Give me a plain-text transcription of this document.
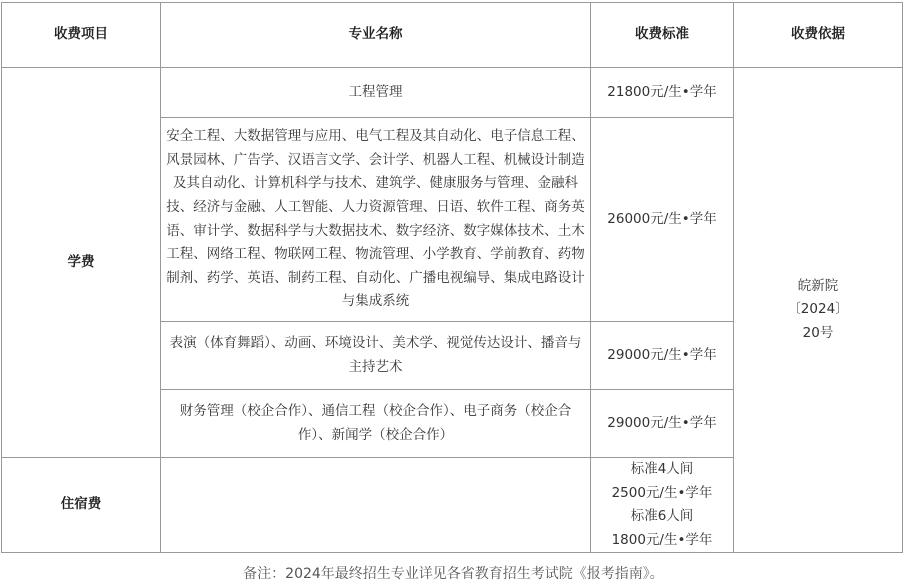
收费项目	专业名称	收费标准	收费依据
学费	工程管理	21800元/生•学年	皖新院
〔2024〕
20号

	安全工程、大数据管理与应用、电气工程及其自动化、电子信息工程、风景园林、广告学、汉语言文学、会计学、机器人工程、机械设计制造及其自动化、计算机科学与技术、建筑学、健康服务与管理、金融科技、经济与金融、人工智能、人力资源管理、日语、软件工程、商务英语、审计学、数据科学与大数据技术、数字经济、数字媒体技术、土木工程、网络工程、物联网工程、物流管理、小学教育、学前教育、药物制剂、药学、英语、制药工程、自动化、广播电视编导、集成电路设计与集成系统	26000元/生•学年	
	表演（体育舞蹈）、动画、环境设计、美术学、视觉传达设计、播音与主持艺术	29000元/生•学年	
	财务管理（校企合作）、通信工程（校企合作）、电子商务（校企合作）、新闻学（校企合作）	29000元/生•学年	
住宿费		标准4人间
2500元/生•学年
标准6人间
1800元/生•学年	
备注：2024年最终招生专业详见各省教育招生考试院《报考指南》。
